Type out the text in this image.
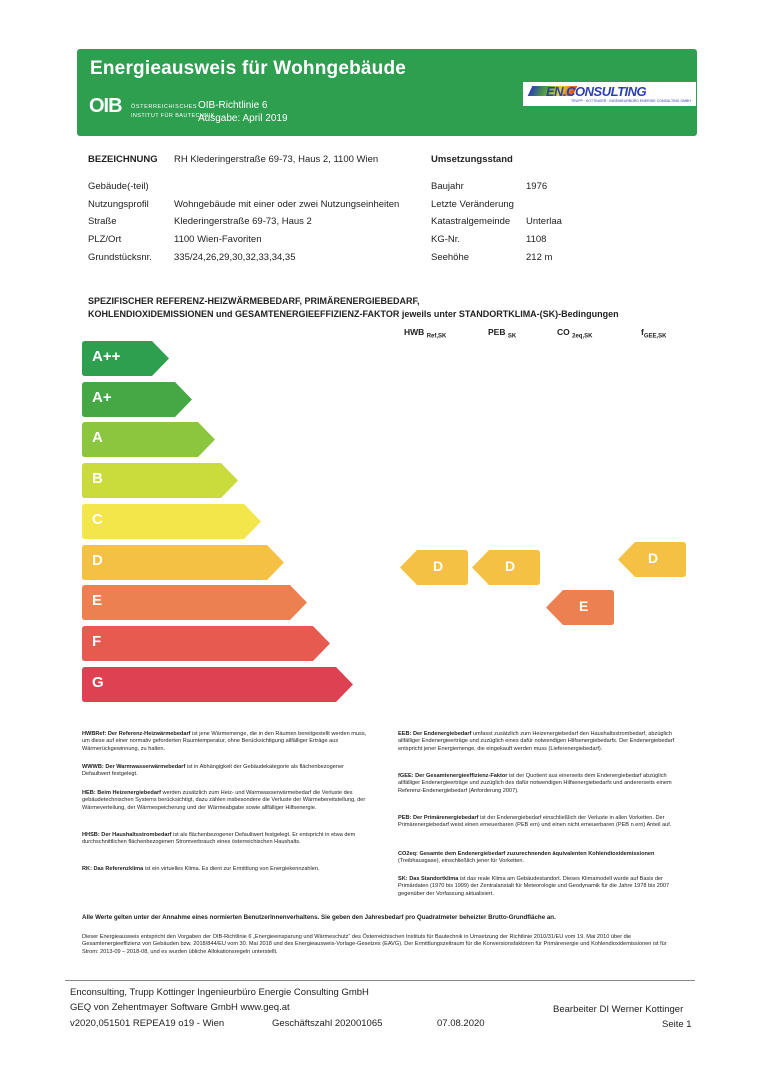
Energieausweis für Wohngebäude
OIB ÖSTERREICHISCHES
INSTITUT FÜR BAUTECHNIK
OIB-Richtlinie 6
Ausgabe: April 2019
EN.CONSULTING
TRUPP · KOTTINGER · INGENIEURBÜRO ENERGIE CONSULTING GMBH
BEZEICHNUNG RH Klederingerstraße 69-73, Haus 2, 1100 Wien	Umsetzungsstand
Gebäude(-teil)
Nutzungsprofil	Wohngebäude mit einer oder zwei Nutzungseinheiten
Straße	Klederingerstraße 69-73, Haus 2
PLZ/Ort	1100 Wien-Favoriten
Grundstücksnr. 335/24,26,29,30,32,33,34,35
Baujahr	1976
Letzte Veränderung
Katastralgemeinde Unterlaa
KG-Nr.	1108
Seehöhe	212 m
SPEZIFISCHER REFERENZ-HEIZWÄRMEBEDARF, PRIMÄRENERGIEBEDARF,
KOHLENDIOXIDEMISSIONEN und GESAMTENERGIEEFFIZIENZ-FAKTOR jeweils unter STANDORTKLIMA-(SK)-Bedingungen
HWB $_{Ref,SK}$	PEB $_{SK}$	CO $_{2eq,SK}$	$f_{GEE,SK}$
A++
A+
A
B
C
D
E
F
G
D	D
E
D
HWBRef: Der Referenz-Heizwärmebedarf ist jene Wärmemenge, die in den Räumen bereitgestellt werden muss, um diese auf einer normativ geforderten Raumtemperatur, ohne Berücksichtigung allfälliger Erträge aus Wärmerückgewinnung, zu halten.
WWWB: Der Warmwasserwärmebedarf ist in Abhängigkeit der Gebäudekategorie als flächenbezogener Defaultwert festgelegt.
HEB: Beim Heizenergiebedarf werden zusätzlich zum Heiz- und Warmwasserwärmebedarf die Verluste des gebäudetechnischen Systems berücksichtigt, dazu zählen insbesondere die Verluste der Wärmebereitstellung, der Wärmeverteilung, der Wärmespeicherung und der Wärmeabgabe sowie allfälliger Hilfsenergie.
HHSB: Der Haushaltsstrombedarf ist als flächenbezogener Defaultwert festgelegt. Er entspricht in etwa dem durchschnittlichen flächenbezogenen Stromverbrauch eines österreichischen Haushalts.
RK: Das Referenzklima ist ein virtuelles Klima. Es dient zur Ermittlung von Energiekennzahlen.
EEB: Der Endenergiebedarf umfasst zusätzlich zum Heizenergiebedarf den Haushaltsstrombedarf, abzüglich allfälliger Endenergieerträge und zuzüglich eines dafür notwendigen Hilfsenergiebedarfs. Der Endenergiebedarf entspricht jener Energiemenge, die eingekauft werden muss (Lieferenergiebedarf).
fGEE: Der Gesamtenergieeffizienz-Faktor ist der Quotient aus einerseits dem Endenergiebedarf abzüglich allfälliger Endenergieerträge und zuzüglich des dafür notwendigen Hilfsenergiebedarfs und andererseits einem Referenz-Endenergiebedarf (Anforderung 2007).
PEB: Der Primärenergiebedarf ist der Endenergiebedarf einschließlich der Verluste in allen Vorketten. Der Primärenergiebedarf weist einen erneuerbaren (PEB ern) und einen nicht erneuerbaren (PEB n.ern) Anteil auf.
CO2eq: Gesamte dem Endenergiebedarf zuzurechnenden äquivalenten Kohlendioxidemissionen (Treibhausgase), einschließlich jener für Vorketten.
SK: Das Standortklima ist das reale Klima am Gebäudestandort. Dieses Klimamodell wurde auf Basis der Primärdaten (1970 bis 1999) der Zentralanstalt für Meteorologie und Geodynamik für die Jahre 1978 bis 2007 gegenüber der Vorfassung aktualisiert.
Alle Werte gelten unter der Annahme eines normierten BenutzerInnenverhaltens. Sie geben den Jahresbedarf pro Quadratmeter beheizter Brutto-Grundfläche an.
Dieser Energieausweis entspricht den Vorgaben der OIB-Richtlinie 6 „Energieeinsparung und Wärmeschutz“ des Österreichischen Instituts für Bautechnik in Umsetzung der Richtlinie 2010/31/EU vom 19. Mai 2010 über die Gesamtenergieeffizienz von Gebäuden bzw. 2018/844/EU vom 30. Mai 2018 und des Energieausweis-Vorlage-Gesetzes (EAVG). Der Ermittlungszeitraum für die Konversionsfaktoren für Primärenergie und Kohlendioxidemissionen ist für Strom: 2013-09 – 2018-08, und es wurden übliche Allokationsregeln unterstellt.
Enconsulting, Trupp Kottinger Ingenieurbüro Energie Consulting GmbH
GEQ von Zehentmayer Software GmbH www.geq.at
v2020,051501 REPEA19 o19 - Wien	Geschäftszahl 202001065	07.08.2020
Bearbeiter DI Werner Kottinger
Seite 1
